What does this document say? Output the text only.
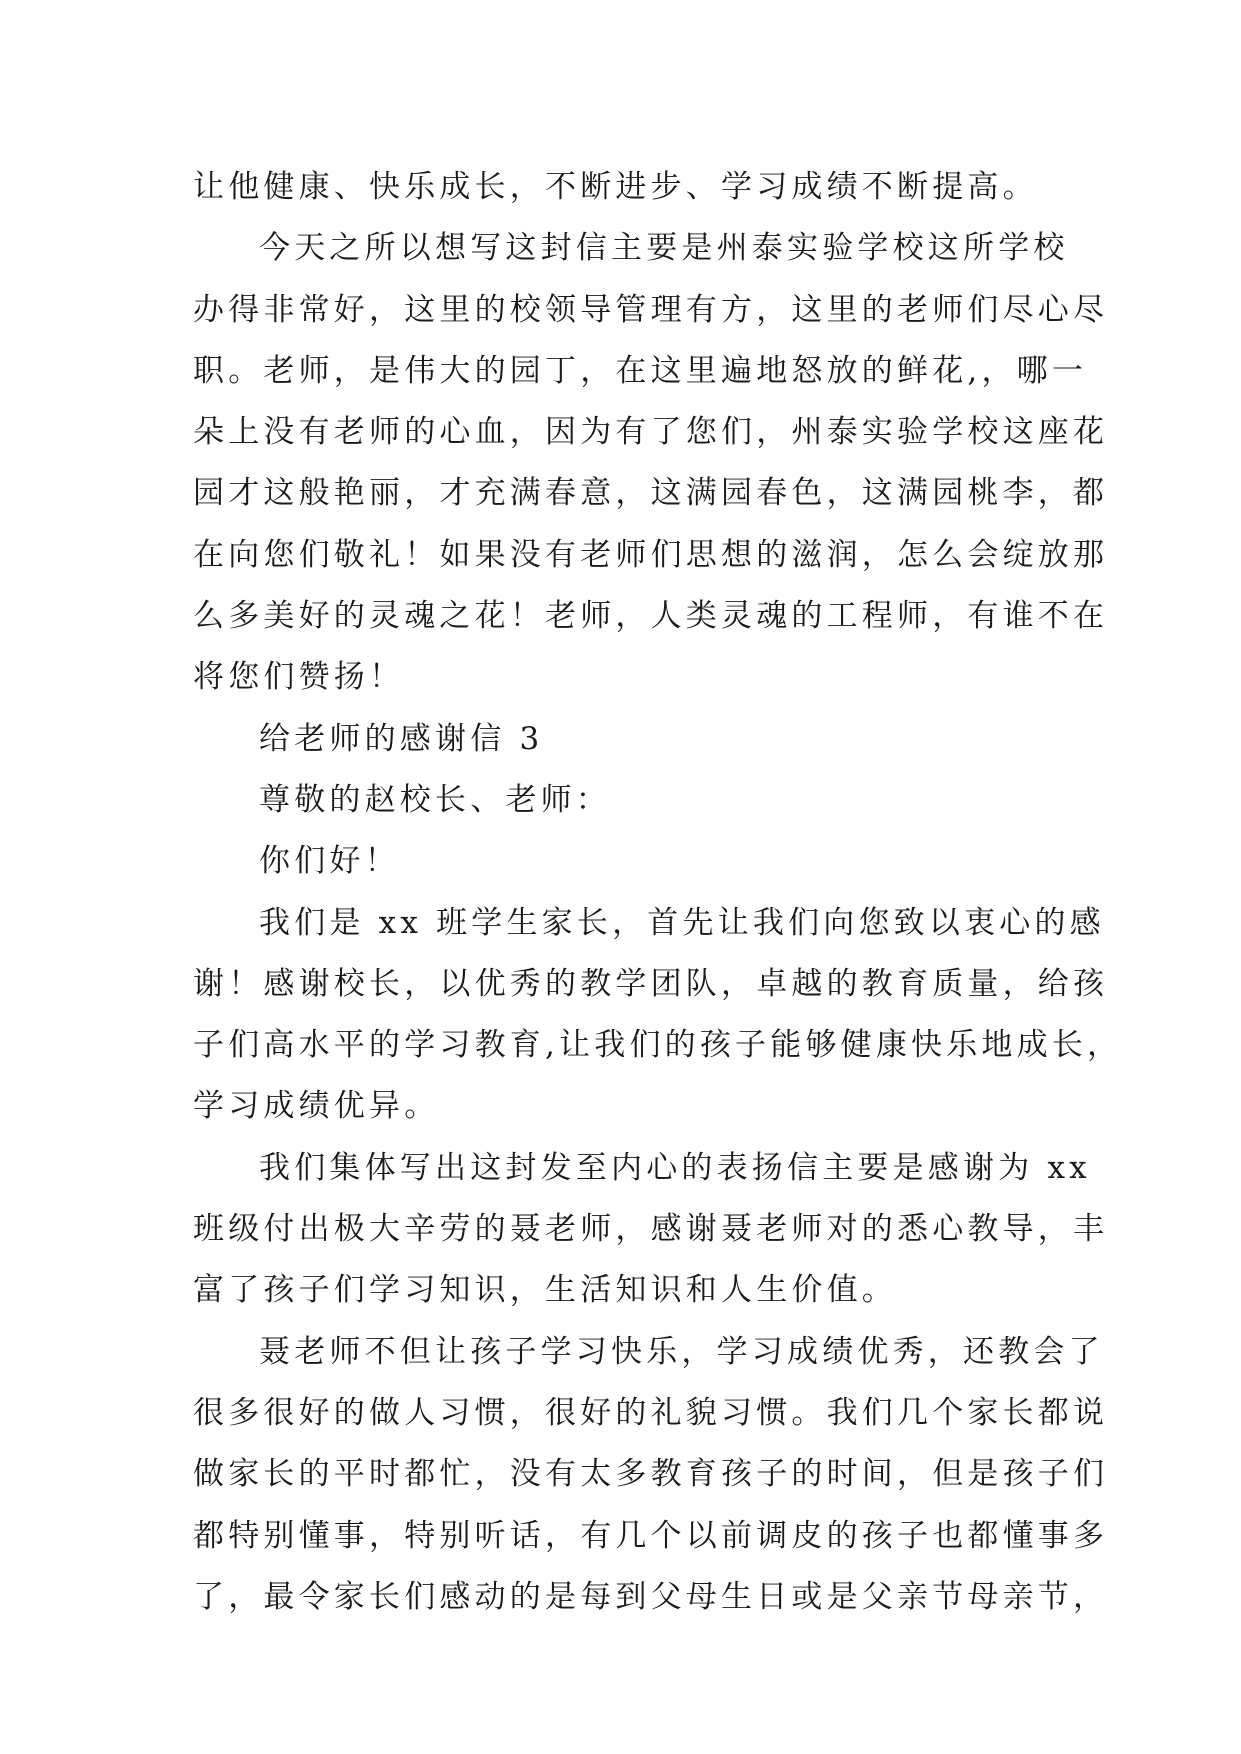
让他健康、快乐成长，不断进步、学习成绩不断提高。
今天之所以想写这封信主要是州泰实验学校这所学校
办得非常好，这里的校领导管理有方，这里的老师们尽心尽
职。老师，是伟大的园丁，在这里遍地怒放的鲜花,，哪一
朵上没有老师的心血，因为有了您们，州泰实验学校这座花
园才这般艳丽，才充满春意，这满园春色，这满园桃李，都
在向您们敬礼！如果没有老师们思想的滋润，怎么会绽放那
么多美好的灵魂之花！老师，人类灵魂的工程师，有谁不在
将您们赞扬！
给老师的感谢信 3
尊敬的赵校长、老师：
你们好！
我们是 xx 班学生家长，首先让我们向您致以衷心的感
谢！感谢校长，以优秀的教学团队，卓越的教育质量，给孩
子们高水平的学习教育,让我们的孩子能够健康快乐地成长，
学习成绩优异。
我们集体写出这封发至内心的表扬信主要是感谢为 xx
班级付出极大辛劳的聂老师，感谢聂老师对的悉心教导，丰
富了孩子们学习知识，生活知识和人生价值。
聂老师不但让孩子学习快乐，学习成绩优秀，还教会了
很多很好的做人习惯，很好的礼貌习惯。我们几个家长都说
做家长的平时都忙，没有太多教育孩子的时间，但是孩子们
都特别懂事，特别听话，有几个以前调皮的孩子也都懂事多
了，最令家长们感动的是每到父母生日或是父亲节母亲节，
